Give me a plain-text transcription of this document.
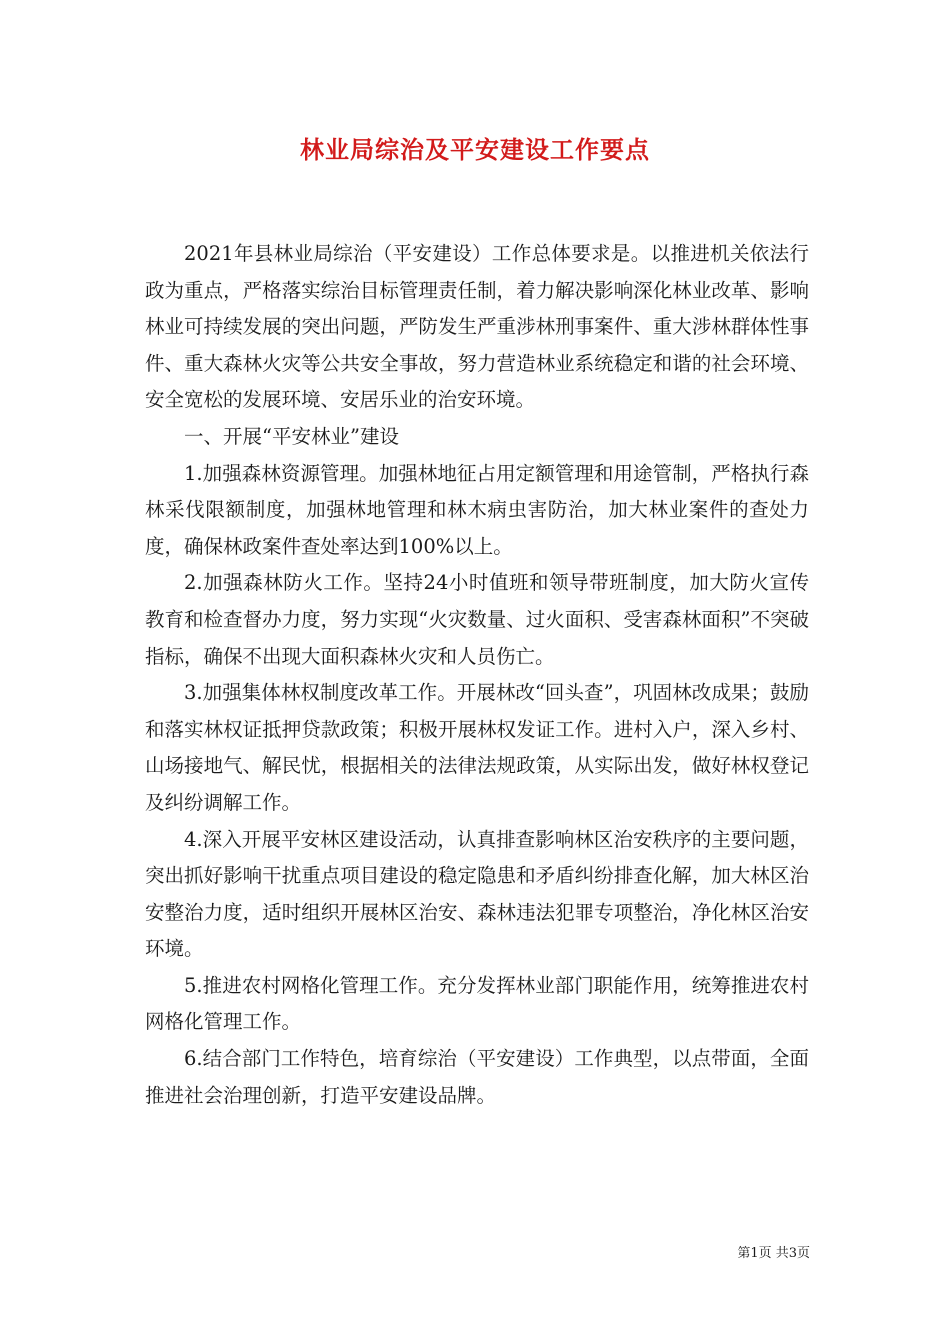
林业局综治及平安建设工作要点

2021年县林业局综治（平安建设）工作总体要求是。以推进机关依法行政为重点，严格落实综治目标管理责任制，着力解决影响深化林业改革、影响林业可持续发展的突出问题，严防发生严重涉林刑事案件、重大涉林群体性事件、重大森林火灾等公共安全事故，努力营造林业系统稳定和谐的社会环境、安全宽松的发展环境、安居乐业的治安环境。

一、开展“平安林业”建设

1.加强森林资源管理。加强林地征占用定额管理和用途管制，严格执行森林采伐限额制度，加强林地管理和林木病虫害防治，加大林业案件的查处力度，确保林政案件查处率达到100%以上。

2.加强森林防火工作。坚持24小时值班和领导带班制度，加大防火宣传教育和检查督办力度，努力实现“火灾数量、过火面积、受害森林面积”不突破指标，确保不出现大面积森林火灾和人员伤亡。

3.加强集体林权制度改革工作。开展林改“回头查”，巩固林改成果；鼓励和落实林权证抵押贷款政策；积极开展林权发证工作。进村入户，深入乡村、山场接地气、解民忧，根据相关的法律法规政策，从实际出发，做好林权登记及纠纷调解工作。

4.深入开展平安林区建设活动，认真排查影响林区治安秩序的主要问题，突出抓好影响干扰重点项目建设的稳定隐患和矛盾纠纷排查化解，加大林区治安整治力度，适时组织开展林区治安、森林违法犯罪专项整治，净化林区治安环境。

5.推进农村网格化管理工作。充分发挥林业部门职能作用，统筹推进农村网格化管理工作。

6.结合部门工作特色，培育综治（平安建设）工作典型，以点带面，全面推进社会治理创新，打造平安建设品牌。

第1页 共3页
